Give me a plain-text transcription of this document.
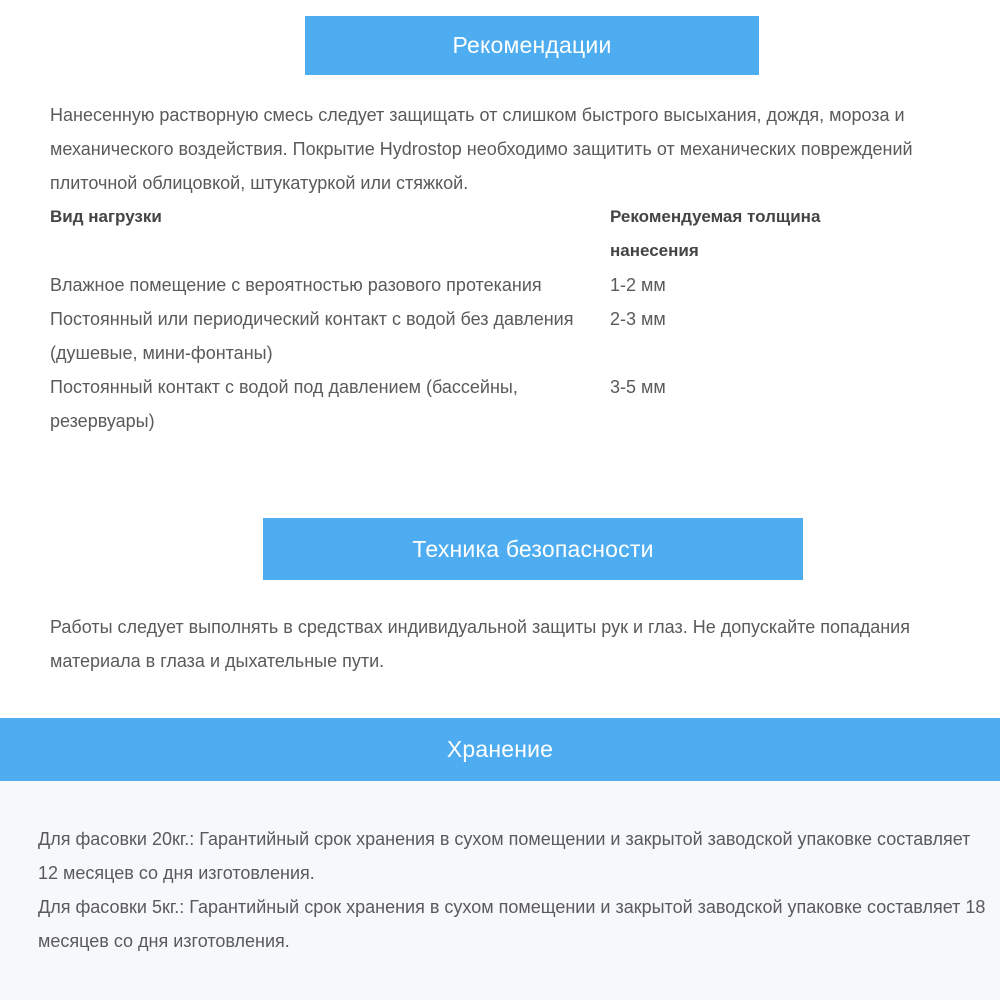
Рекомендации

Нанесенную растворную смесь следует защищать от слишком быстрого высыхания, дождя, мороза и механического воздействия. Покрытие Hydrostop необходимо защитить от механических повреждений плиточной облицовкой, штукатуркой или стяжкой.

Вид нагрузки	Рекомендуемая толщина нанесения
Влажное помещение с вероятностью разового протекания	1-2 мм
Постоянный или периодический контакт с водой без давления (душевые, мини-фонтаны)
2-3 мм
Постоянный контакт с водой под давлением (бассейны, резервуары)
3-5 мм
Техника безопасности

Работы следует выполнять в средствах индивидуальной защиты рук и глаз. Не допускайте попадания материала в глаза и дыхательные пути.

Хранение
Для фасовки 20кг.: Гарантийный срок хранения в сухом помещении и закрытой заводской упаковке составляет 12 месяцев со дня изготовления.
Для фасовки 5кг.: Гарантийный срок хранения в сухом помещении и закрытой заводской упаковке составляет 18 месяцев со дня изготовления.
